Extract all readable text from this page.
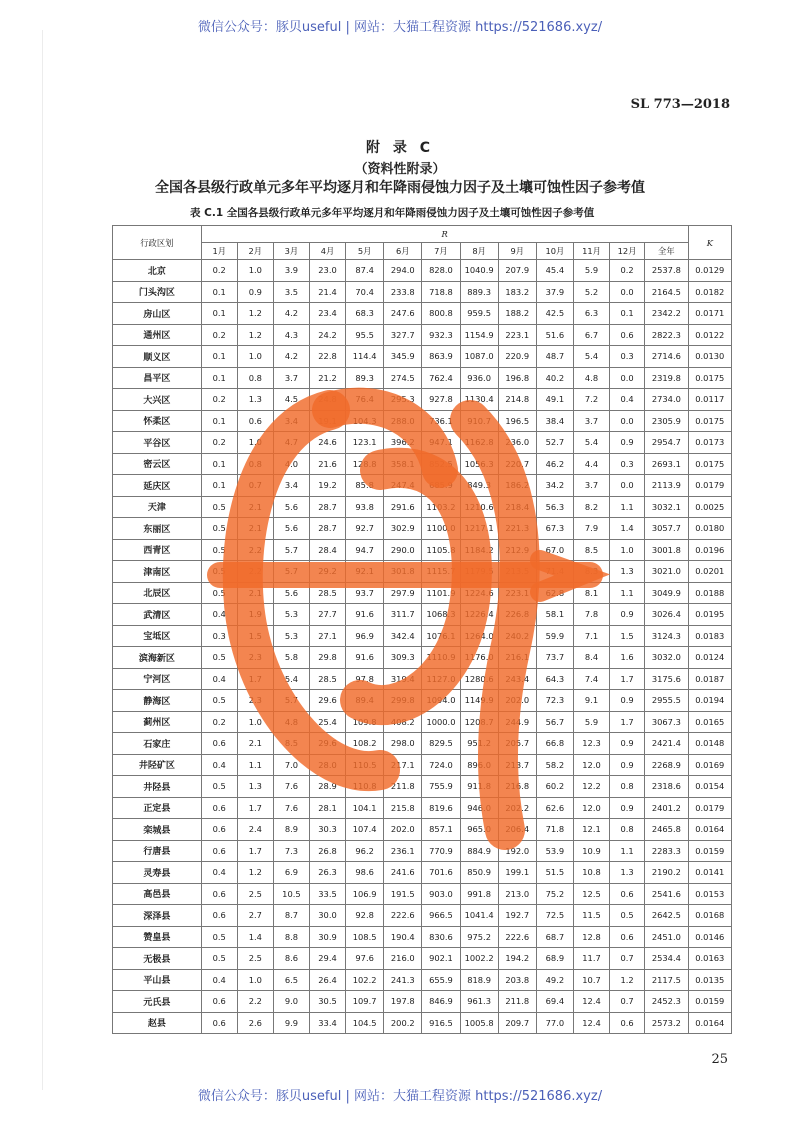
微信公众号：豚贝useful | 网站：大猫工程资源 https://521686.xyz/
SL 773—2018
附 录 C
（资料性附录）
全国各县级行政单元多年平均逐月和年降雨侵蚀力因子及土壤可蚀性因子参考值
表 C.1 全国各县级行政单元多年平均逐月和年降雨侵蚀力因子及土壤可蚀性因子参考值
行政区划	R													K
	1月	2月	3月	4月	5月	6月	7月	8月	9月	10月	11月	12月	全年	
北京	0.2	1.0	3.9	23.0	87.4	294.0	828.0	1040.9	207.9	45.4	5.9	0.2	2537.8	0.0129
门头沟区	0.1	0.9	3.5	21.4	70.4	233.8	718.8	889.3	183.2	37.9	5.2	0.0	2164.5	0.0182
房山区	0.1	1.2	4.2	23.4	68.3	247.6	800.8	959.5	188.2	42.5	6.3	0.1	2342.2	0.0171
通州区	0.2	1.2	4.3	24.2	95.5	327.7	932.3	1154.9	223.1	51.6	6.7	0.6	2822.3	0.0122
顺义区	0.1	1.0	4.2	22.8	114.4	345.9	863.9	1087.0	220.9	48.7	5.4	0.3	2714.6	0.0130
昌平区	0.1	0.8	3.7	21.2	89.3	274.5	762.4	936.0	196.8	40.2	4.8	0.0	2319.8	0.0175
大兴区	0.2	1.3	4.5	24.8	76.4	295.3	927.8	1130.4	214.8	49.1	7.2	0.4	2734.0	0.0117
怀柔区	0.1	0.6	3.4	19.1	104.3	288.0	736.1	910.7	196.5	38.4	3.7	0.0	2305.9	0.0175
平谷区	0.2	1.0	4.7	24.6	123.1	396.2	947.1	1162.8	236.0	52.7	5.4	0.9	2954.7	0.0173
密云区	0.1	0.8	4.0	21.6	128.8	358.1	852.5	1056.3	220.7	46.2	4.4	0.3	2693.1	0.0175
延庆区	0.1	0.7	3.4	19.2	85.8	247.4	685.9	849.3	186.2	34.2	3.7	0.0	2113.9	0.0179
天津	0.5	2.1	5.6	28.7	93.8	291.6	1103.2	1210.6	218.4	56.3	8.2	1.1	3032.1	0.0025
东丽区	0.5	2.1	5.6	28.7	92.7	302.9	1100.0	1217.1	221.3	67.3	7.9	1.4	3057.7	0.0180
西青区	0.5	2.2	5.7	28.4	94.7	290.0	1105.8	1184.2	212.9	67.0	8.5	1.0	3001.8	0.0196
津南区	0.5	2.2	5.7	29.2	92.1	301.8	1115.7	1179.5	213.5	71.4	8.3	1.3	3021.0	0.0201
北辰区	0.5	2.1	5.6	28.5	93.7	297.9	1101.9	1224.6	223.1	62.8	8.1	1.1	3049.9	0.0188
武清区	0.4	1.9	5.3	27.7	91.6	311.7	1068.3	1226.4	226.8	58.1	7.8	0.9	3026.4	0.0195
宝坻区	0.3	1.5	5.3	27.1	96.9	342.4	1076.1	1264.0	240.2	59.9	7.1	1.5	3124.3	0.0183
滨海新区	0.5	2.3	5.8	29.8	91.6	309.3	1110.9	1176.0	216.1	73.7	8.4	1.6	3032.0	0.0124
宁河区	0.4	1.7	5.4	28.5	97.8	319.4	1127.0	1280.6	243.4	64.3	7.4	1.7	3175.6	0.0187
静海区	0.5	2.3	5.7	29.6	89.4	299.8	1094.0	1149.9	202.0	72.3	9.1	0.9	2955.5	0.0194
蓟州区	0.2	1.0	4.8	25.4	109.8	408.2	1000.0	1208.7	244.9	56.7	5.9	1.7	3067.3	0.0165
石家庄	0.6	2.1	8.5	29.6	108.2	298.0	829.5	951.2	205.7	66.8	12.3	0.9	2421.4	0.0148
井陉矿区	0.4	1.1	7.0	28.0	110.5	217.1	724.0	896.0	213.7	58.2	12.0	0.9	2268.9	0.0169
井陉县	0.5	1.3	7.6	28.9	110.8	211.8	755.9	911.8	216.8	60.2	12.2	0.8	2318.6	0.0154
正定县	0.6	1.7	7.6	28.1	104.1	215.8	819.6	946.0	202.2	62.6	12.0	0.9	2401.2	0.0179
栾城县	0.6	2.4	8.9	30.3	107.4	202.0	857.1	965.0	206.4	71.8	12.1	0.8	2465.8	0.0164
行唐县	0.6	1.7	7.3	26.8	96.2	236.1	770.9	884.9	192.0	53.9	10.9	1.1	2283.3	0.0159
灵寿县	0.4	1.2	6.9	26.3	98.6	241.6	701.6	850.9	199.1	51.5	10.8	1.3	2190.2	0.0141
高邑县	0.6	2.5	10.5	33.5	106.9	191.5	903.0	991.8	213.0	75.2	12.5	0.6	2541.6	0.0153
深泽县	0.6	2.7	8.7	30.0	92.8	222.6	966.5	1041.4	192.7	72.5	11.5	0.5	2642.5	0.0168
赞皇县	0.5	1.4	8.8	30.9	108.5	190.4	830.6	975.2	222.6	68.7	12.8	0.6	2451.0	0.0146
无极县	0.5	2.5	8.6	29.4	97.6	216.0	902.1	1002.2	194.2	68.9	11.7	0.7	2534.4	0.0163
平山县	0.4	1.0	6.5	26.4	102.2	241.3	655.9	818.9	203.8	49.2	10.7	1.2	2117.5	0.0135
元氏县	0.6	2.2	9.0	30.5	109.7	197.8	846.9	961.3	211.8	69.4	12.4	0.7	2452.3	0.0159
赵县	0.6	2.6	9.9	33.4	104.5	200.2	916.5	1005.8	209.7	77.0	12.4	0.6	2573.2	0.0164
25
微信公众号：豚贝useful | 网站：大猫工程资源 https://521686.xyz/
